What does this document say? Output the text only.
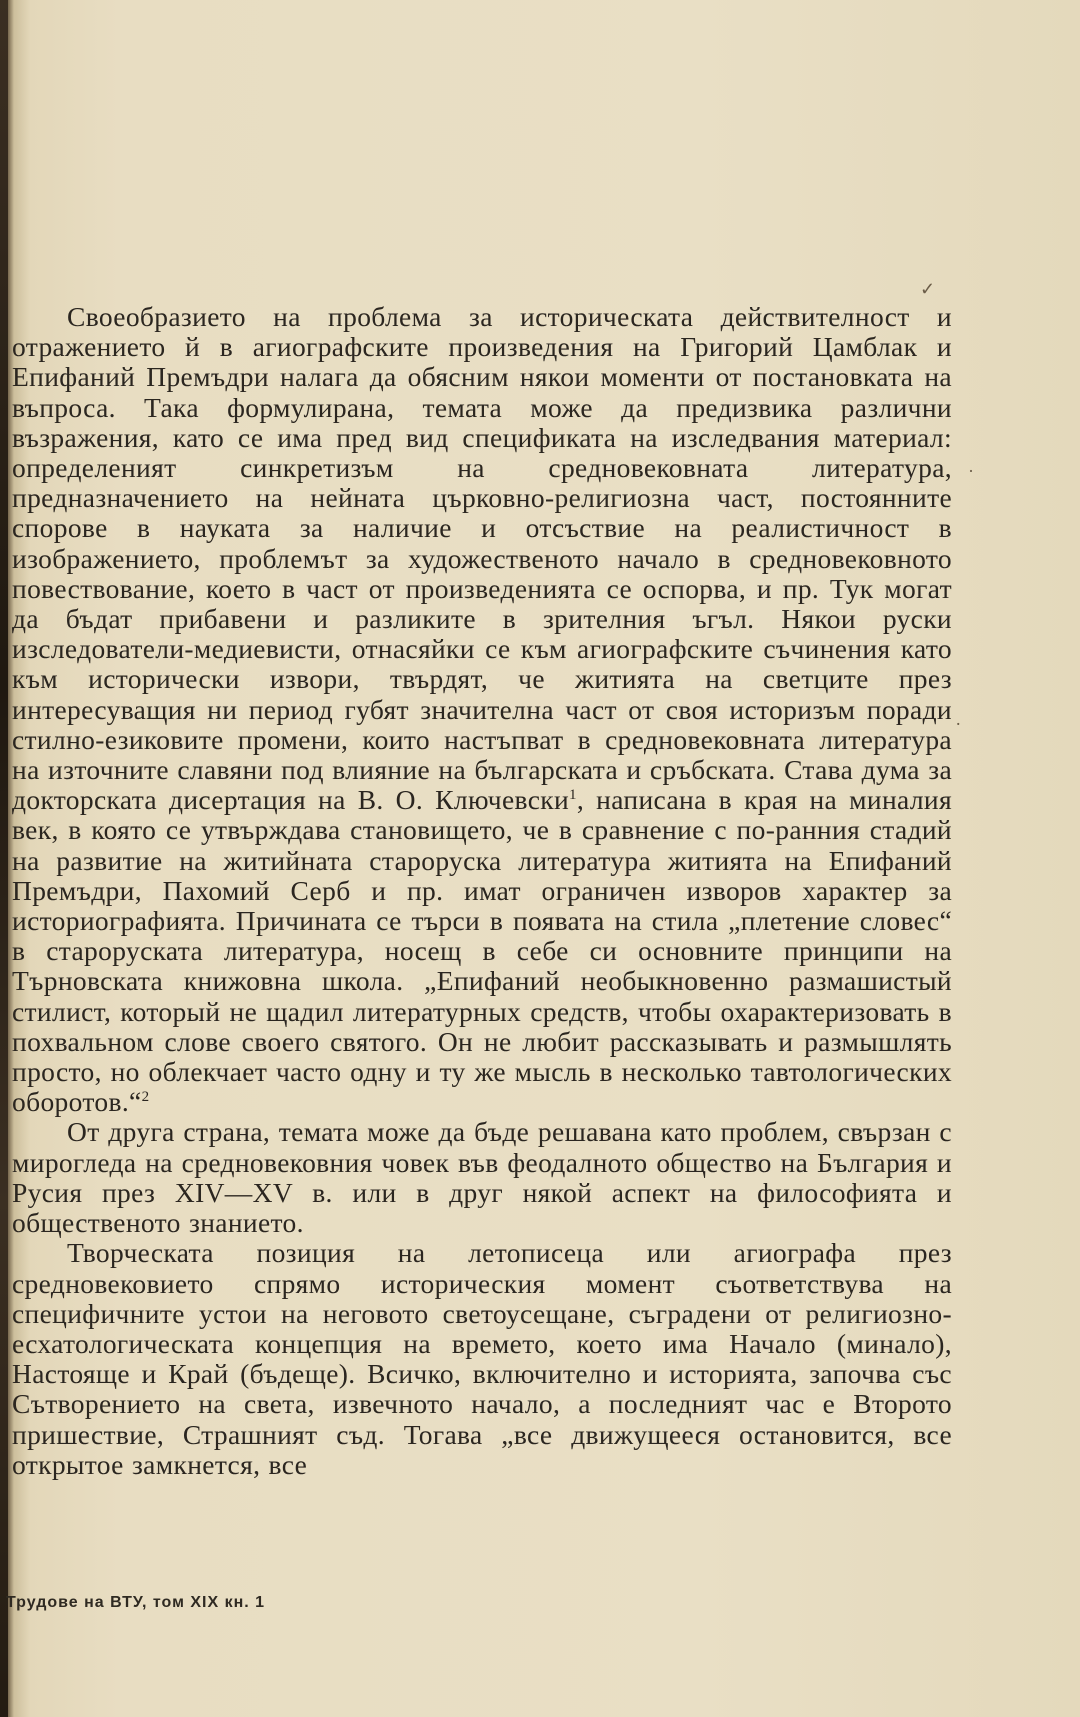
✓
·
.

Своеобразието на проблема за историческата действителност и отражението й в агиографските произведения на Григорий Цамблак и Епифаний Премъдри налага да обясним някои моменти от постановката на въпроса. Така формулирана, темата може да предизвика различни възражения, като се има пред вид спецификата на изследвания материал: определеният синкретизъм на средновековната литература, предназначението на нейната църковно-религиозна част, постоянните спорове в науката за наличие и отсъствие на реалистичност в изображението, проблемът за художественото начало в средновековното повествование, което в част от произведенията се оспорва, и пр. Тук могат да бъдат прибавени и разликите в зрителния ъгъл. Някои руски изследователи-медиевисти, отнасяйки се към агиографските съчинения като към исторически извори, твърдят, че житията на светците през интересуващия ни период губят значителна част от своя историзъм поради стилно-езиковите промени, които настъпват в средновековната литература на източните славяни под влияние на българската и сръбската. Става дума за докторската дисертация на В. О. Ключевски$^1$, написана в края на миналия век, в която се утвърждава становището, че в сравнение с по-ранния стадий на развитие на житийната староруска литература житията на Епифаний Премъдри, Пахомий Серб и пр. имат ограничен изворов характер за историографията. Причината се търси в появата на стила „плетение словес“ в староруската литература, носещ в себе си основните принципи на Търновската книжовна школа. „Епифаний необыкновенно размашистый стилист, который не щадил литературных средств, чтобы охарактеризовать в похвальном слове своего святого. Он не любит рассказывать и размышлять просто, но облекчает часто одну и ту же мысль в несколько тавтологических оборотов.“$^2$

От друга страна, темата може да бъде решавана като проблем, свързан с мирогледа на средновековния човек във феодалното общество на България и Русия през XIV—XV в. или в друг някой аспект на философията и общественото знанието.

Творческата позиция на летописеца или агиографа през средновековието спрямо историческия момент съответствува на специфичните устои на неговото светоусещане, съградени от религиозно-есхатологическата концепция на времето, което има Начало (минало), Настояще и Край (бъдеще). Всичко, включително и историята, започва със Сътворението на света, извечното начало, а последният час е Второто пришествие, Страшният съд. Тогава „все движущееся остановится, все открытое замкнется, все

Трудове на ВТУ, том XIX кн. 1
